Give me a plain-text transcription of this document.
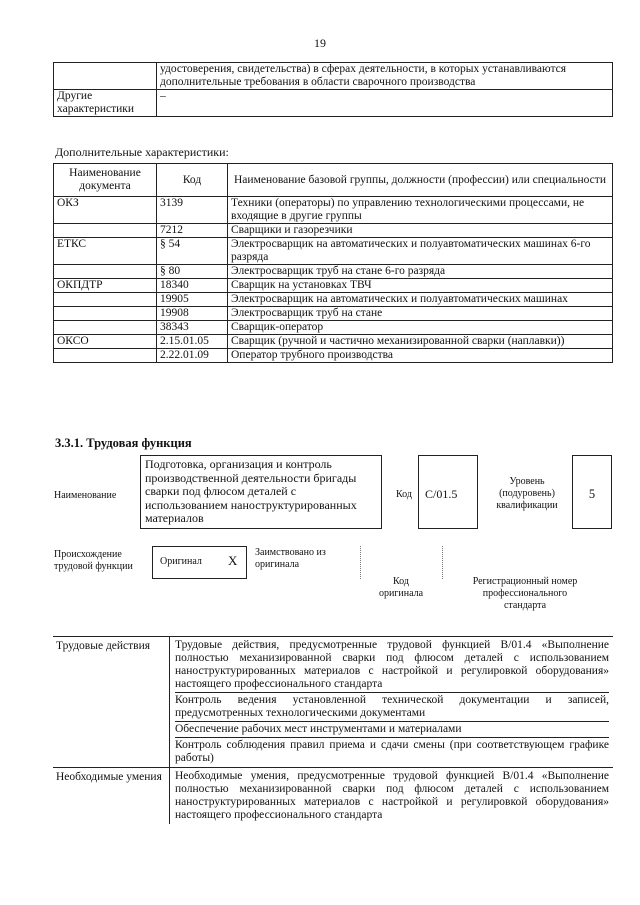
19
	удостоверения, свидетельства) в сферах деятельности, в которых устанавливаются дополнительные требования в области сварочного производства
Другие характеристики	–
Дополнительные характеристики:
Наименование документа	Код	Наименование базовой группы, должности (профессии) или специальности
ОКЗ	3139	Техники (операторы) по управлению технологическими процессами, не входящие в другие группы
	7212	Сварщики и газорезчики
ЕТКС	§ 54	Электросварщик на автоматических и полуавтоматических машинах 6-го разряда
	§ 80	Электросварщик труб на стане 6-го разряда
ОКПДТР	18340	Сварщик на установках ТВЧ
	19905	Электросварщик на автоматических и полуавтоматических машинах
	19908	Электросварщик труб на стане
	38343	Сварщик-оператор
ОКСО	2.15.01.05	Сварщик (ручной и частично механизированной сварки (наплавки))
	2.22.01.09	Оператор трубного производства
3.3.1. Трудовая функция
Наименование
Подготовка, организация и контроль производственной деятельности бригады сварки под флюсом деталей с использованием наноструктурированных материалов
Код	C/01.5
Уровень (подуровень) квалификации
5
Происхождение трудовой функции	Оригинал X
Заимствовано из оригинала
Код оригинала
Регистрационный номер профессионального стандарта
Трудовые действия	Трудовые действия, предусмотренные трудовой функцией B/01.4 «Выполнение полностью механизированной сварки под флюсом деталей с использованием наноструктурированных материалов с настройкой и регулировкой оборудования» настоящего профессионального стандарта
Контроль ведения установленной технической документации и записей, предусмотренных технологическими документами
Обеспечение рабочих мест инструментами и материалами
Контроль соблюдения правил приема и сдачи смены (при соответствующем графике работы)

Необходимые умения	Необходимые умения, предусмотренные трудовой функцией B/01.4 «Выполнение полностью механизированной сварки под флюсом деталей с использованием наноструктурированных материалов с настройкой и регулировкой оборудования» настоящего профессионального стандарта
